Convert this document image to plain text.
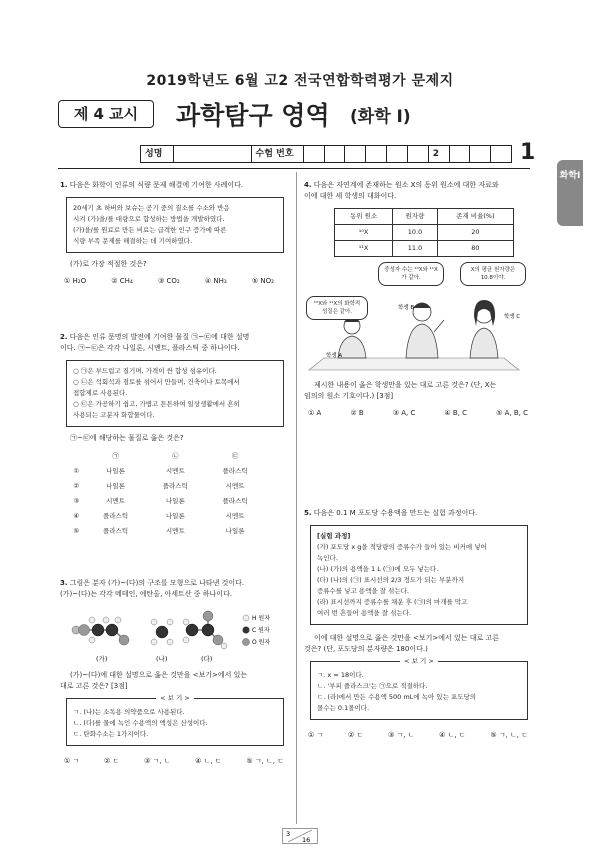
2019학년도 6월 고2 전국연합학력평가 문제지
제 4 교시	과학탐구 영역 (화학 Ⅰ)
성명	수험 번호	2	1
화학Ⅰ
1. 다음은 화학이 인류의 식량 문제 해결에 기여한 사례이다.
20세기 초 하버와 보슈는 공기 중의 질소를 수소와 반응
시켜 (가)을/를 대량으로 합성하는 방법을 개발하였다.
(가)을/를 원료로 만든 비료는 급격한 인구 증가에 따른
식량 부족 문제를 해결하는 데 기여하였다.
(가)로 가장 적절한 것은?
① H₂O	② CH₄	③ CO₂	④ NH₃	⑤ NO₂
2. 다음은 인류 문명의 발전에 기여한 물질 ㉠~㉢에 대한 설명
이다. ㉠~㉢은 각각 나일론, 시멘트, 플라스틱 중 하나이다.
○ ㉠은 부드럽고 질기며, 가격이 싼 합성 섬유이다.
○ ㉡은 석회석과 점토를 섞어서 만들며, 건축이나 토목에서
접합제로 사용된다.
○ ㉢은 가공하기 쉽고, 가볍고 튼튼하여 일상생활에서 흔히
사용되는 고분자 화합물이다.
㉠~㉢에 해당하는 물질로 옳은 것은?
	㉠	㉡	㉢
①	나일론	시멘트	플라스틱
②	나일론	플라스틱	시멘트
③	시멘트	나일론	플라스틱
④	플라스틱	나일론	시멘트
⑤	플라스틱	시멘트	나일론
3. 그림은 분자 (가)~(다)의 구조를 모형으로 나타낸 것이다.
(가)~(다)는 각각 메테인, 에탄올, 아세트산 중 하나이다.
H 원자
C 원자
O 원자
(가)	(나)	(다)
(가)~(다)에 대한 설명으로 옳은 것만을 <보기>에서 있는
대로 고른 것은? [3점]
< 보 기 >
ㄱ. (나)는 소독용 의약품으로 사용된다.
ㄴ. (다)를 물에 녹인 수용액의 액성은 산성이다.
ㄷ. 탄화수소는 1가지이다.
① ㄱ	② ㄷ	③ ㄱ, ㄴ	④ ㄴ, ㄷ	⑤ ㄱ, ㄴ, ㄷ
4. 다음은 자연계에 존재하는 원소 X의 동위 원소에 대한 자료와
이에 대한 세 학생의 대화이다.
동위 원소	원자량	존재 비율(%)
¹⁰X	10.0	20
¹¹X	11.0	80
학생 A
학생 B
학생 C
¹⁰X와 ¹¹X의 화학적 성질은 같아.
중성자 수는 ¹⁰X와 ¹¹X가 같아.
X의 평균 원자량은 10.8이야.
제시한 내용이 옳은 학생만을 있는 대로 고른 것은? (단, X는
임의의 원소 기호이다.) [3점]
① A	② B	③ A, C	④ B, C	⑤ A, B, C
5. 다음은 0.1 M 포도당 수용액을 만드는 실험 과정이다.
[실험 과정]
(가) 포도당 x g을 적당량의 증류수가 들어 있는 비커에 넣어
녹인다.
(나) (가)의 용액을 1 L (㉠)에 모두 넣는다.
(다) (나)의 (㉠) 표시선의 2/3 정도가 되는 부분까지
증류수를 넣고 용액을 잘 섞는다.
(라) 표시선까지 증류수를 채운 후 (㉠)의 마개를 막고
여러 번 흔들어 용액을 잘 섞는다.
이에 대한 설명으로 옳은 것만을 <보기>에서 있는 대로 고른
것은? (단, 포도당의 분자량은 180이다.)
< 보 기 >
ㄱ. x = 18이다.
ㄴ. '부피 플라스크'는 ㉠으로 적절하다.
ㄷ. (라)에서 만든 수용액 500 mL에 녹아 있는 포도당의
몰수는 0.1몰이다.
① ㄱ	② ㄷ	③ ㄱ, ㄴ	④ ㄴ, ㄷ	⑤ ㄱ, ㄴ, ㄷ
3
16
